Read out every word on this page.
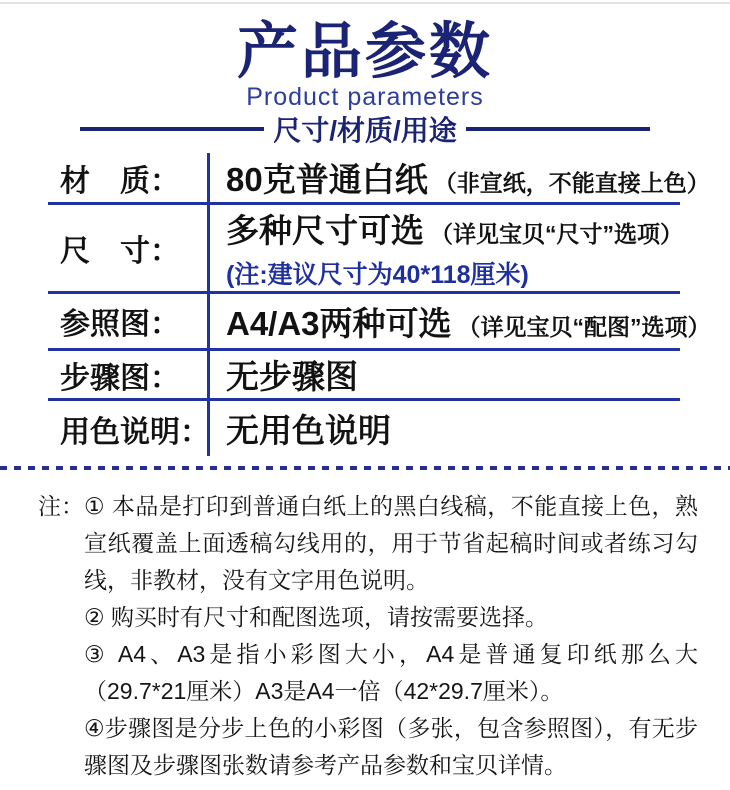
产品参数
Product parameters
尺寸/材质/用途
材　质：	80克普通白纸 （非宣纸，不能直接上色）
尺　寸：
多种尺寸可选 （详见宝贝“尺寸”选项）
(注:建议尺寸为40*118厘米)
参照图：	A4/A3两种可选 （详见宝贝“配图”选项）
步骤图：	无步骤图
用色说明： 无用色说明
注： ① 本品是打印到普通白纸上的黑白线稿，不能直接上色，熟宣纸覆盖上面透稿勾线用的，用于节省起稿时间或者练习勾线，非教材，没有文字用色说明。

② 购买时有尺寸和配图选项，请按需要选择。

③ A4、A3是指小彩图大小，A4是普通复印纸那么大（29.7*21厘米）A3是A4一倍（42*29.7厘米）。

④步骤图是分步上色的小彩图（多张，包含参照图），有无步骤图及步骤图张数请参考产品参数和宝贝详情。
